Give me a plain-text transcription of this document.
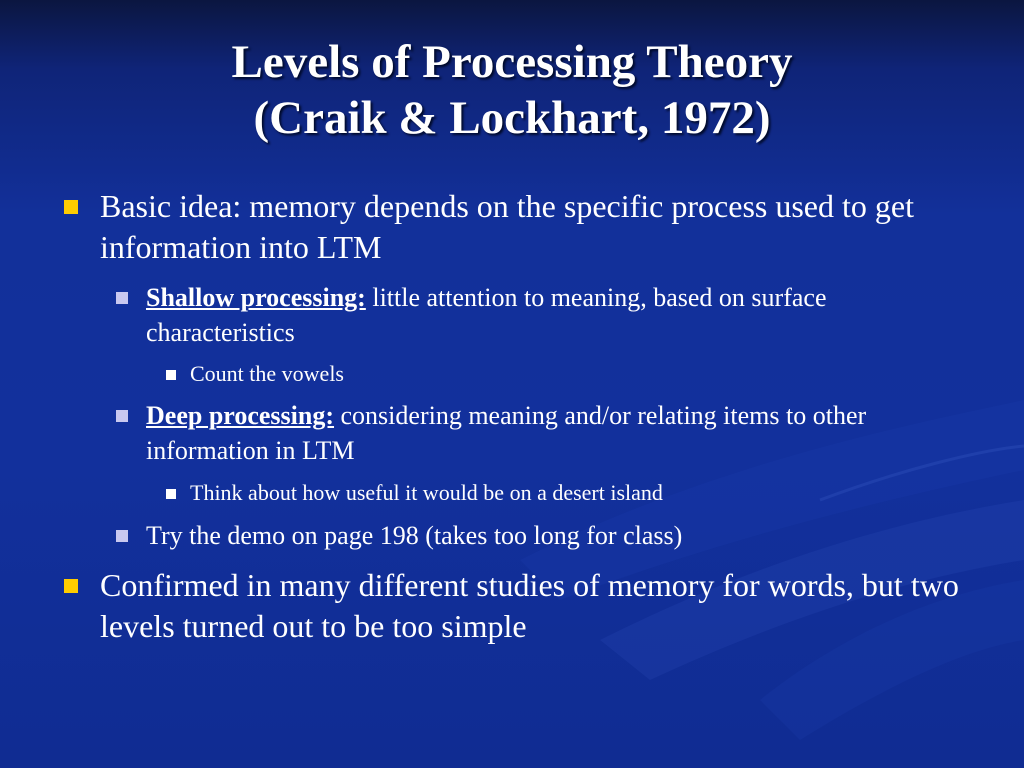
Levels of Processing Theory
(Craik & Lockhart, 1972)
Basic idea: memory depends on the specific process used to get information into LTM
Shallow processing: little attention to meaning, based on surface characteristics
Count the vowels
Deep processing: considering meaning and/or relating items to other information in LTM
Think about how useful it would be on a desert island
Try the demo on page 198 (takes too long for class)
Confirmed in many different studies of memory for words, but two levels turned out to be too simple
